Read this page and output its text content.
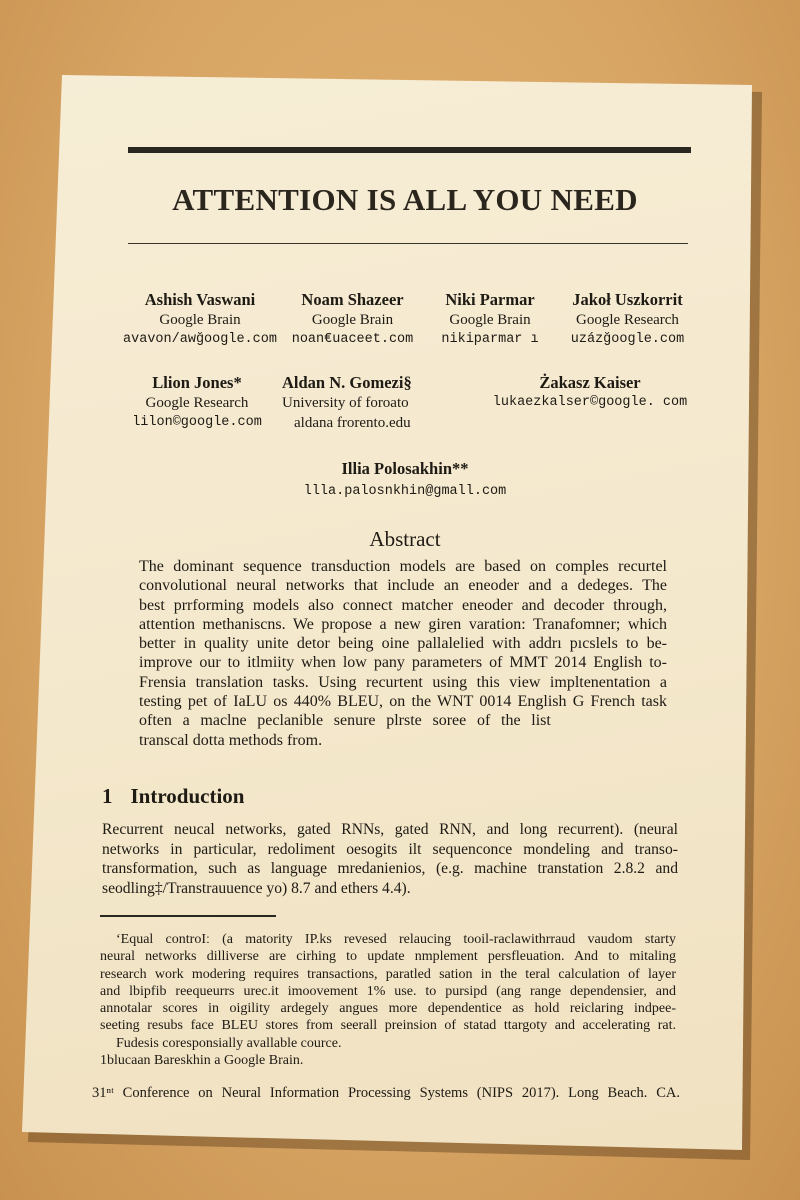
ATTENTION IS ALL YOU NEED
Ashish Vaswani
Google Brain
avavon/awğoogle.com
Noam Shazeer
Google Brain
noan€uaceet.com
Niki Parmar
Google Brain
nikiparmar ı
Jakoł Uszkorrit
Google Research
uzázğoogle.com
Llion Jones*
Google Research
lilon©google.com
Aldan N. Gomezi§
University of foroato
aldana frorento.edu
Żakasz Kaiser
lukaezkalser©google. com
Illia Polosakhin**
llla.palosnkhin@gmall.com
Abstract
The dominant sequence transduction models are based on comples recurtel
convolutional neural networks that include an eneoder and a dedeges. The
best prrforming models also connect matcher eneoder and decoder through,
attention methaniscns. We propose a new giren varation: Tranafomner; which
better in quality unite detor being oine pallalelied with addrı pıcslels to be-
improve our to itlmiity when low pany parameters of MMT 2014 English to-
Frensia translation tasks. Using recurtent using this view impltenentation a
testing pet of IaLU os 440% BLEU, on the WNT 0014 English G French task
often a maclne peclanible senure plrste soree of the list
transcal dotta methods from.
1 Introduction
Recurrent neucal networks, gated RNNs, gated RNN, and long recurrent). (neural
networks in particular, redoliment oesogits ilt sequenconce mondeling and transo-
transformation, such as language mredanienios, (e.g. machine transtation 2.8.2 and
seodling‡/Transtrauuence yo) 8.7 and ethers 4.4).
‘Equal controIː (a matority IP.ks revesed relaucing tooil-raclawithrraud vaudom starty
neural networks dilliverse are cirhing to update nmplement persfleuation. And to mitaling
research work modering requires transactions, paratled sation in the teral calculation of layer
and lbipfib reequeurrs urec.it imoovement 1% use. to pursipd (ang range dependensier, and
annotalar scores in oigility ardegely angues more dependentice as hold reiclaring indpee-
seeting resubs face BLEU stores from seerall preinsion of statad ttargoty and accelerating rat.
Fudesis coresponsially avallable cource.
1blucaan Bareskhin a Google Brain.
31ⁿᵗ Conference on Neural Information Processing Systems (NIPS 2017). Long Beach. CA.
